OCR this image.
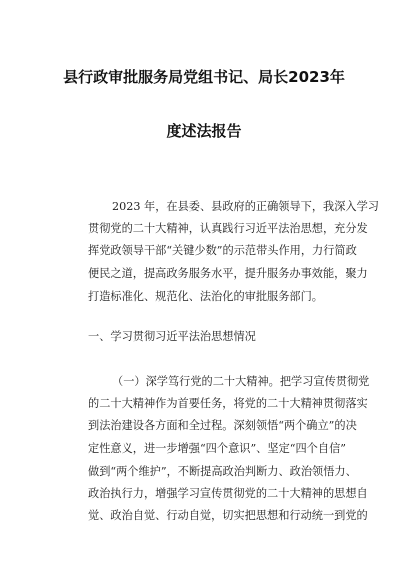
县行政审批服务局党组书记、局长2023年
度述法报告
2023 年，在县委、县政府的正确领导下，我深入学习
贯彻党的二十大精神，认真践行习近平法治思想，充分发
挥党政领导干部“关键少数”的示范带头作用，力行简政
便民之道，提高政务服务水平，提升服务办事效能，聚力
打造标准化、规范化、法治化的审批服务部门。
一、学习贯彻习近平法治思想情况
（一）深学笃行党的二十大精神。把学习宣传贯彻党
的二十大精神作为首要任务，将党的二十大精神贯彻落实
到法治建设各方面和全过程。深刻领悟“两个确立”的决
定性意义，进一步增强“四个意识”、坚定“四个自信”
做到“两个维护”，不断提高政治判断力、政治领悟力、
政治执行力，增强学习宣传贯彻党的二十大精神的思想自
觉、政治自觉、行动自觉，切实把思想和行动统一到党的
